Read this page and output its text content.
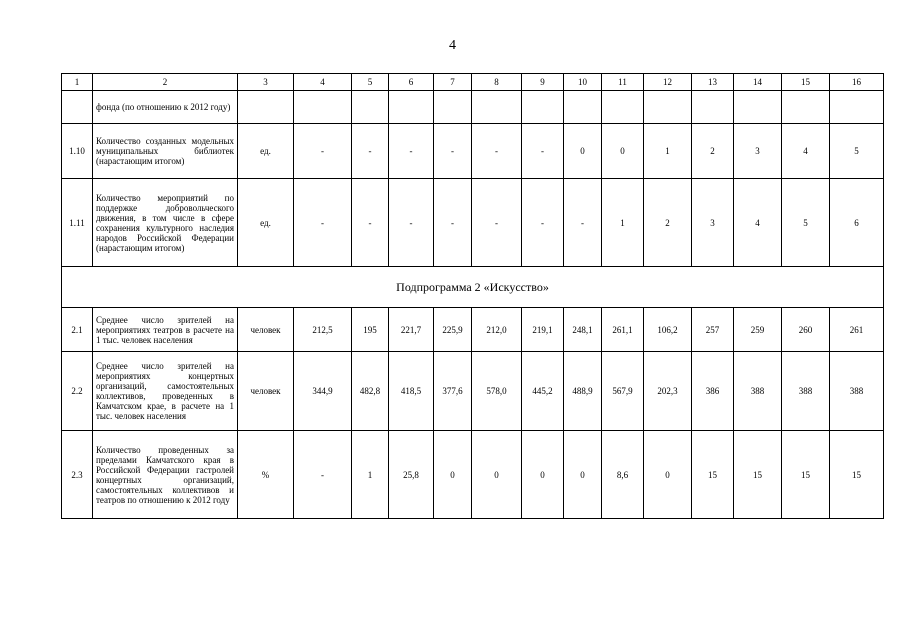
4
1	2	3	4	5	6	7	8	9	10	11	12	13	14	15	16
	фонда (по отношению к 2012 году)														
1.10	Количество созданных модельных муниципальных библиотек (нарастающим итогом)	ед.	-	-	-	-	-	-	0	0	1	2	3	4	5
1.11	Количество мероприятий по поддержке добровольческого движения, в том числе в сфере сохранения культурного наследия народов Российской Федерации (нарастающим итогом)	ед.	-	-	-	-	-	-	-	1	2	3	4	5	6
Подпрограмма 2 «Искусство»															
2.1	Среднее число зрителей на мероприятиях театров в расчете на 1 тыс. человек населения	человек	212,5	195	221,7	225,9	212,0	219,1	248,1	261,1	106,2	257	259	260	261
2.2	Среднее число зрителей на мероприятиях концертных организаций, самостоятельных коллективов, проведенных в Камчатском крае, в расчете на 1 тыс. человек населения	человек	344,9	482,8	418,5	377,6	578,0	445,2	488,9	567,9	202,3	386	388	388	388
2.3	Количество проведенных за пределами Камчатского края в Российской Федерации гастролей концертных организаций, самостоятельных коллективов и театров по отношению к 2012 году	%	-	1	25,8	0	0	0	0	8,6	0	15	15	15	15
